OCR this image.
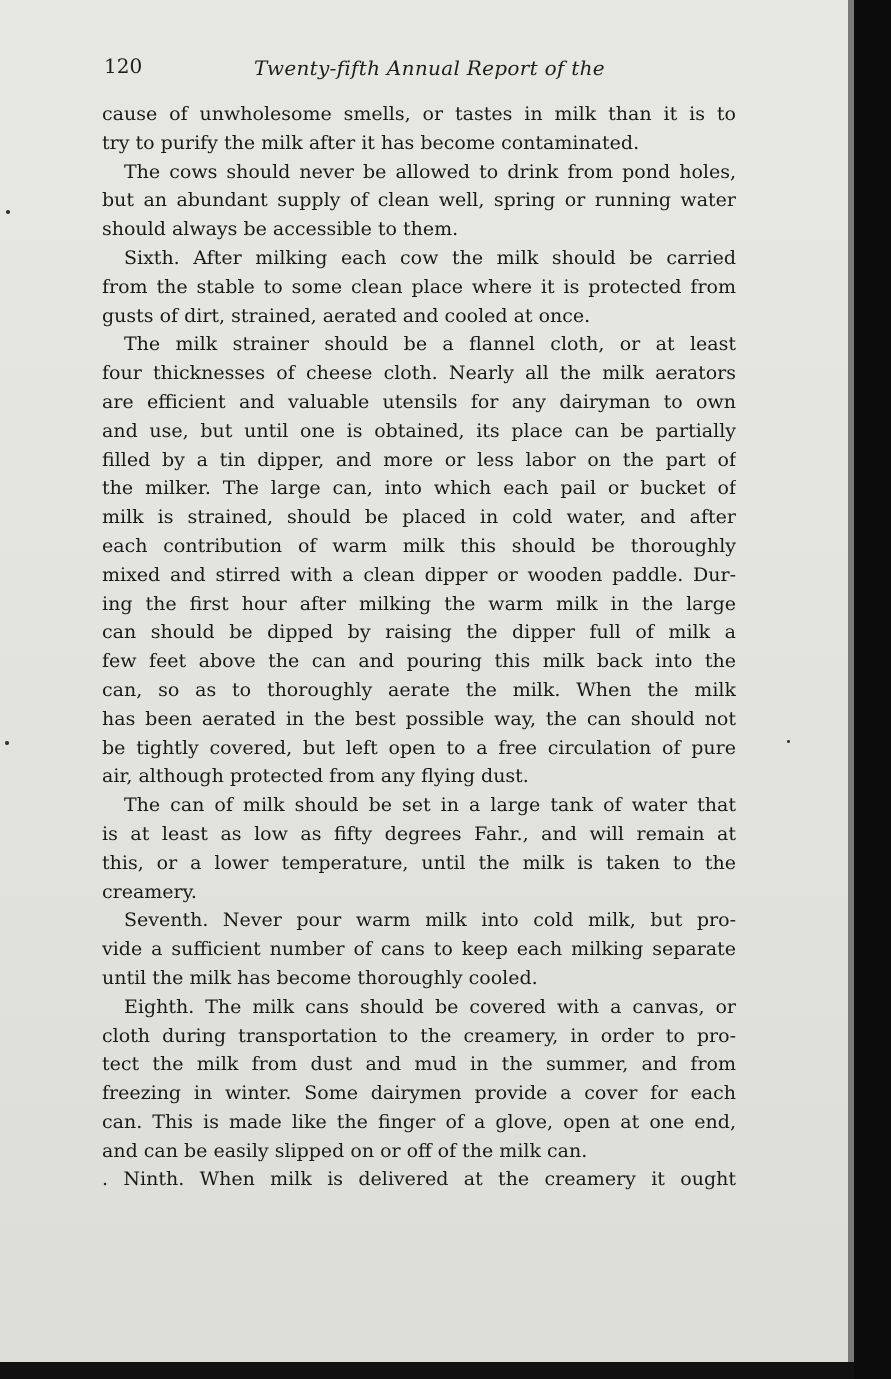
120	Twenty-fifth Annual Report of the
cause of unwholesome smells, or tastes in milk than it is to
try to purify the milk after it has become contaminated.
The cows should never be allowed to drink from pond holes,
but an abundant supply of clean well, spring or running water
should always be accessible to them.
Sixth. After milking each cow the milk should be carried
from the stable to some clean place where it is protected from
gusts of dirt, strained, aerated and cooled at once.
The milk strainer should be a flannel cloth, or at least
four thicknesses of cheese cloth. Nearly all the milk aerators
are efficient and valuable utensils for any dairyman to own
and use, but until one is obtained, its place can be partially
filled by a tin dipper, and more or less labor on the part of
the milker. The large can, into which each pail or bucket of
milk is strained, should be placed in cold water, and after
each contribution of warm milk this should be thoroughly
mixed and stirred with a clean dipper or wooden paddle. Dur-
ing the first hour after milking the warm milk in the large
can should be dipped by raising the dipper full of milk a
few feet above the can and pouring this milk back into the
can, so as to thoroughly aerate the milk. When the milk
has been aerated in the best possible way, the can should not
be tightly covered, but left open to a free circulation of pure
air, although protected from any flying dust.
The can of milk should be set in a large tank of water that
is at least as low as fifty degrees Fahr., and will remain at
this, or a lower temperature, until the milk is taken to the
creamery.
Seventh. Never pour warm milk into cold milk, but pro-
vide a sufficient number of cans to keep each milking separate
until the milk has become thoroughly cooled.
Eighth. The milk cans should be covered with a canvas, or
cloth during transportation to the creamery, in order to pro-
tect the milk from dust and mud in the summer, and from
freezing in winter. Some dairymen provide a cover for each
can. This is made like the finger of a glove, open at one end,
and can be easily slipped on or off of the milk can.
. Ninth. When milk is delivered at the creamery it ought
